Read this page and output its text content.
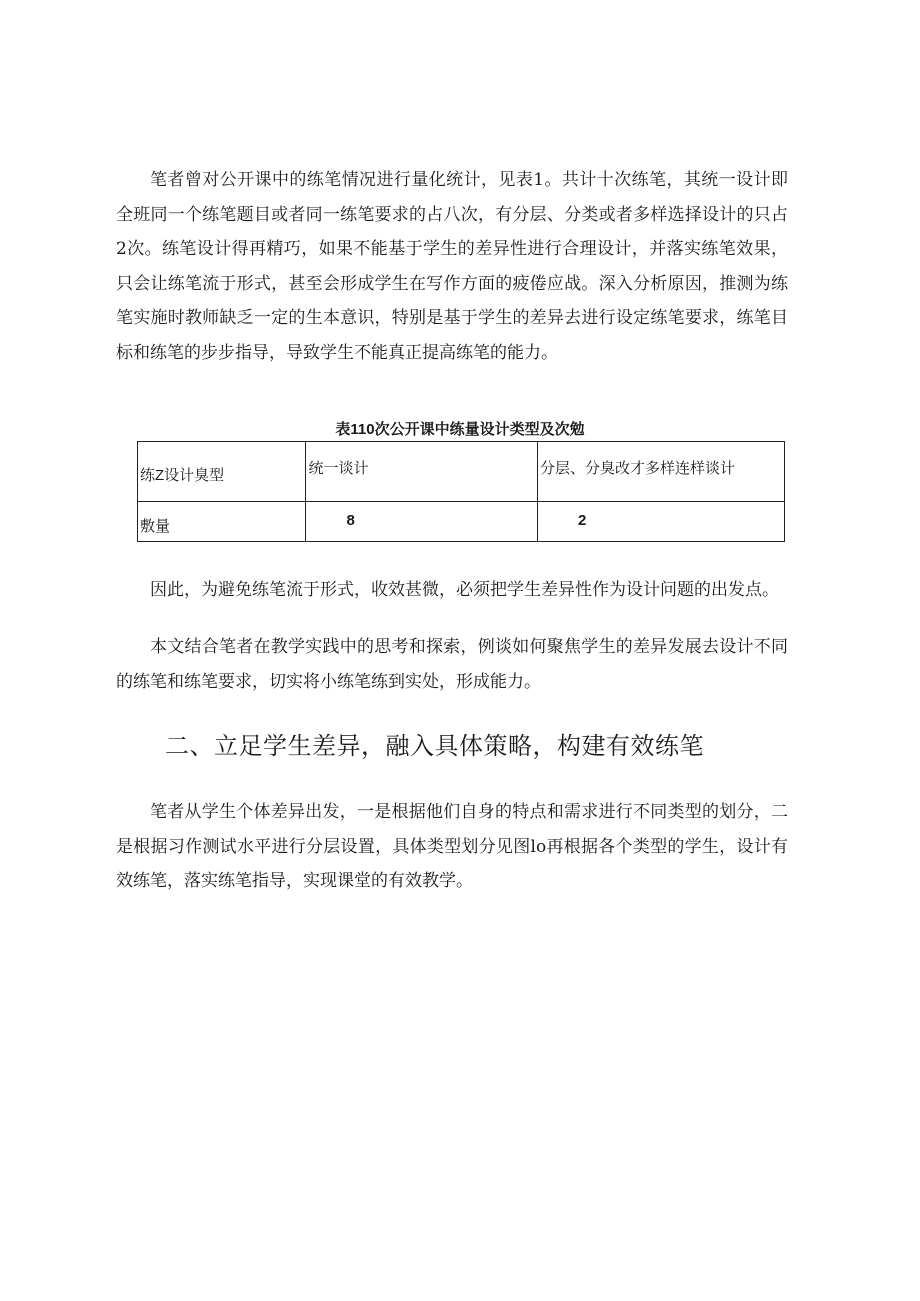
笔者曾对公开课中的练笔情况进行量化统计，见表1。共计十次练笔，其统一设计即全班同一个练笔题目或者同一练笔要求的占八次，有分层、分类或者多样选择设计的只占2次。练笔设计得再精巧，如果不能基于学生的差异性进行合理设计，并落实练笔效果，只会让练笔流于形式，甚至会形成学生在写作方面的疲倦应战。深入分析原因，推测为练笔实施时教师缺乏一定的生本意识，特别是基于学生的差异去进行设定练笔要求，练笔目标和练笔的步步指导，导致学生不能真正提高练笔的能力。

表110次公开课中练量设计类型及次勉

练Z设计臭型	统一谈计	分层、分臭改才多样连样谈计
敷量	8	2

因此，为避免练笔流于形式，收效甚微，必须把学生差异性作为设计问题的出发点。

本文结合笔者在教学实践中的思考和探索，例谈如何聚焦学生的差异发展去设计不同的练笔和练笔要求，切实将小练笔练到实处，形成能力。

二、立足学生差异，融入具体策略，构建有效练笔

笔者从学生个体差异出发，一是根据他们自身的特点和需求进行不同类型的划分，二是根据习作测试水平进行分层设置，具体类型划分见图lo再根据各个类型的学生，设计有效练笔，落实练笔指导，实现课堂的有效教学。
